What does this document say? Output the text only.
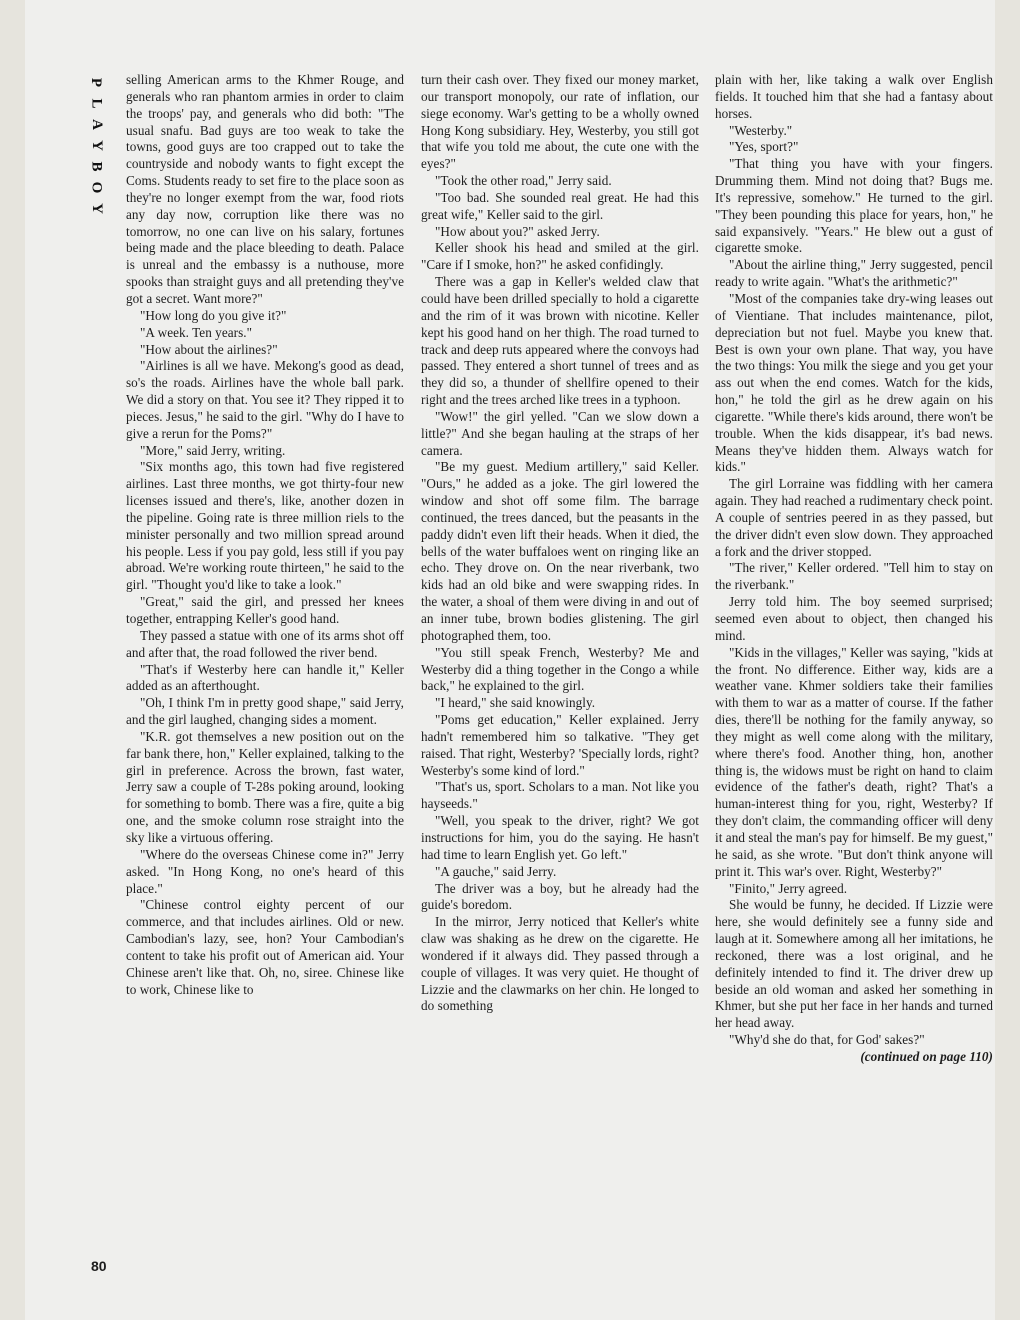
P
L
A
Y
B
O
Y

selling American arms to the Khmer Rouge, and generals who ran phantom armies in order to claim the troops' pay, and generals who did both: "The usual snafu. Bad guys are too weak to take the towns, good guys are too crapped out to take the countryside and nobody wants to fight except the Coms. Students ready to set fire to the place soon as they're no longer exempt from the war, food riots any day now, corruption like there was no tomorrow, no one can live on his salary, fortunes being made and the place bleeding to death. Palace is unreal and the embassy is a nuthouse, more spooks than straight guys and all pretending they've got a secret. Want more?"

"How long do you give it?"

"A week. Ten years."

"How about the airlines?"

"Airlines is all we have. Mekong's good as dead, so's the roads. Airlines have the whole ball park. We did a story on that. You see it? They ripped it to pieces. Jesus," he said to the girl. "Why do I have to give a rerun for the Poms?"

"More," said Jerry, writing.

"Six months ago, this town had five registered airlines. Last three months, we got thirty-four new licenses issued and there's, like, another dozen in the pipeline. Going rate is three million riels to the minister personally and two million spread around his people. Less if you pay gold, less still if you pay abroad. We're working route thirteen," he said to the girl. "Thought you'd like to take a look."

"Great," said the girl, and pressed her knees together, entrapping Keller's good hand.

They passed a statue with one of its arms shot off and after that, the road followed the river bend.

"That's if Westerby here can handle it," Keller added as an afterthought.

"Oh, I think I'm in pretty good shape," said Jerry, and the girl laughed, changing sides a moment.

"K.R. got themselves a new position out on the far bank there, hon," Keller explained, talking to the girl in preference. Across the brown, fast water, Jerry saw a couple of T-28s poking around, looking for something to bomb. There was a fire, quite a big one, and the smoke column rose straight into the sky like a virtuous offering.

"Where do the overseas Chinese come in?" Jerry asked. "In Hong Kong, no one's heard of this place."

"Chinese control eighty percent of our commerce, and that includes airlines. Old or new. Cambodian's lazy, see, hon? Your Cambodian's content to take his profit out of American aid. Your Chinese aren't like that. Oh, no, siree. Chinese like to work, Chinese like to

turn their cash over. They fixed our money market, our transport monopoly, our rate of inflation, our siege economy. War's getting to be a wholly owned Hong Kong subsidiary. Hey, Westerby, you still got that wife you told me about, the cute one with the eyes?"

"Took the other road," Jerry said.

"Too bad. She sounded real great. He had this great wife," Keller said to the girl.

"How about you?" asked Jerry.

Keller shook his head and smiled at the girl. "Care if I smoke, hon?" he asked confidingly.

There was a gap in Keller's welded claw that could have been drilled specially to hold a cigarette and the rim of it was brown with nicotine. Keller kept his good hand on her thigh. The road turned to track and deep ruts appeared where the convoys had passed. They entered a short tunnel of trees and as they did so, a thunder of shellfire opened to their right and the trees arched like trees in a typhoon.

"Wow!" the girl yelled. "Can we slow down a little?" And she began hauling at the straps of her camera.

"Be my guest. Medium artillery," said Keller. "Ours," he added as a joke. The girl lowered the window and shot off some film. The barrage continued, the trees danced, but the peasants in the paddy didn't even lift their heads. When it died, the bells of the water buffaloes went on ringing like an echo. They drove on. On the near riverbank, two kids had an old bike and were swapping rides. In the water, a shoal of them were diving in and out of an inner tube, brown bodies glistening. The girl photographed them, too.

"You still speak French, Westerby? Me and Westerby did a thing together in the Congo a while back," he explained to the girl.

"I heard," she said knowingly.

"Poms get education," Keller explained. Jerry hadn't remembered him so talkative. "They get raised. That right, Westerby? 'Specially lords, right? Westerby's some kind of lord."

"That's us, sport. Scholars to a man. Not like you hayseeds."

"Well, you speak to the driver, right? We got instructions for him, you do the saying. He hasn't had time to learn English yet. Go left."

"A gauche," said Jerry.

The driver was a boy, but he already had the guide's boredom.

In the mirror, Jerry noticed that Keller's white claw was shaking as he drew on the cigarette. He wondered if it always did. They passed through a couple of villages. It was very quiet. He thought of Lizzie and the clawmarks on her chin. He longed to do something

plain with her, like taking a walk over English fields. It touched him that she had a fantasy about horses.

"Westerby."

"Yes, sport?"

"That thing you have with your fingers. Drumming them. Mind not doing that? Bugs me. It's repressive, somehow." He turned to the girl. "They been pounding this place for years, hon," he said expansively. "Years." He blew out a gust of cigarette smoke.

"About the airline thing," Jerry suggested, pencil ready to write again. "What's the arithmetic?"

"Most of the companies take dry-wing leases out of Vientiane. That includes maintenance, pilot, depreciation but not fuel. Maybe you knew that. Best is own your own plane. That way, you have the two things: You milk the siege and you get your ass out when the end comes. Watch for the kids, hon," he told the girl as he drew again on his cigarette. "While there's kids around, there won't be trouble. When the kids disappear, it's bad news. Means they've hidden them. Always watch for kids."

The girl Lorraine was fiddling with her camera again. They had reached a rudimentary check point. A couple of sentries peered in as they passed, but the driver didn't even slow down. They approached a fork and the driver stopped.

"The river," Keller ordered. "Tell him to stay on the riverbank."

Jerry told him. The boy seemed surprised; seemed even about to object, then changed his mind.

"Kids in the villages," Keller was saying, "kids at the front. No difference. Either way, kids are a weather vane. Khmer soldiers take their families with them to war as a matter of course. If the father dies, there'll be nothing for the family anyway, so they might as well come along with the military, where there's food. Another thing, hon, another thing is, the widows must be right on hand to claim evidence of the father's death, right? That's a human-interest thing for you, right, Westerby? If they don't claim, the commanding officer will deny it and steal the man's pay for himself. Be my guest," he said, as she wrote. "But don't think anyone will print it. This war's over. Right, Westerby?"

"Finito," Jerry agreed.

She would be funny, he decided. If Lizzie were here, she would definitely see a funny side and laugh at it. Somewhere among all her imitations, he reckoned, there was a lost original, and he definitely intended to find it. The driver drew up beside an old woman and asked her something in Khmer, but she put her face in her hands and turned her head away.

"Why'd she do that, for God' sakes?"

(continued on page 110)

80
